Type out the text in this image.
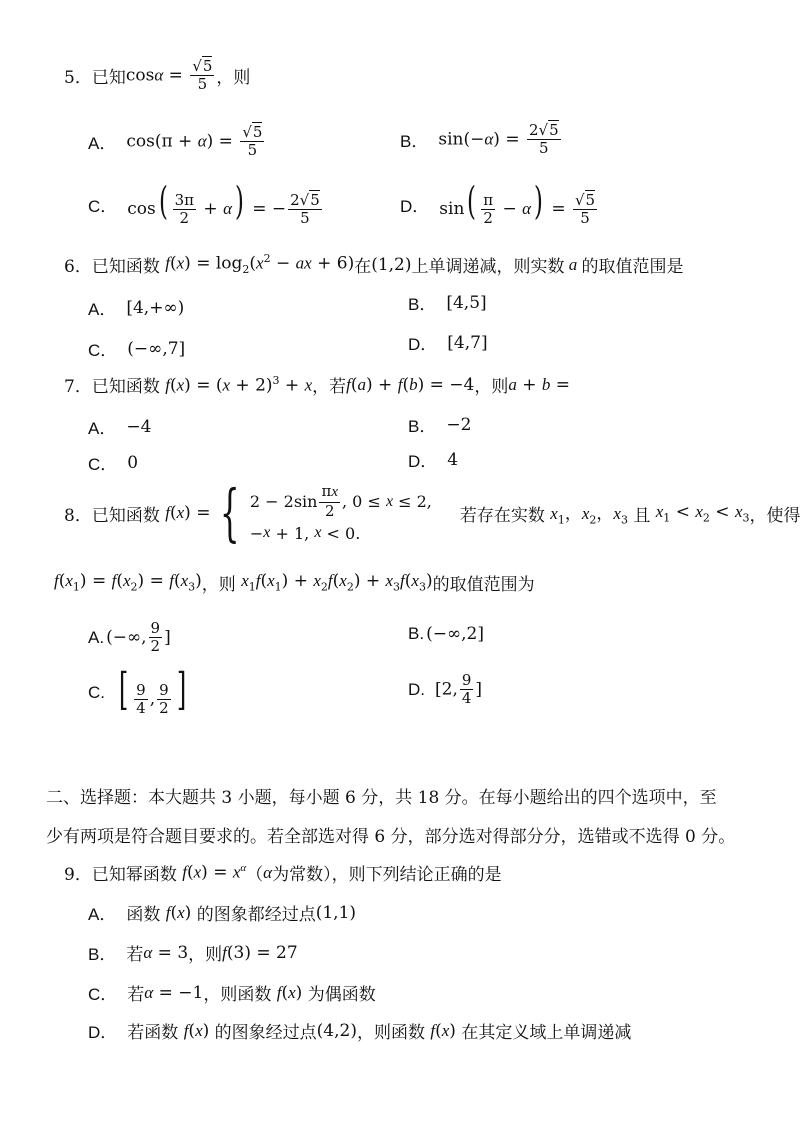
5． 已知 $\cos\alpha = \frac{√5}{5}$ ，则
A． $\cos(\pi + \alpha) = \frac{√5}{5}$	B． $\sin(-\alpha) = \frac{2√5}{5}$
C． $\cos( \frac{3\pi}{2} + \alpha)$ = − $\frac{2√5}{5}$	D． $\sin( \frac{\pi}{2} - \alpha) = \frac{√5}{5}$
6． 已知函数 $f(x) = \log_2(x^2$ − ax + 6) 在 (1,2) 上单调递减，则实数 a 的取值范围是
A． [4,+∞)	B． [4,5]
C． (−∞,7]	D． [4,7]
7． 已知函数 $f(x) = (x + 2)^3 + x$ ，若 f(a) + f(b) = −4 ，则 a + b =
A． −4	B． −2
C． 0	D． 4
8． 已知函数 f(x) = { $2 - 2\sin \frac{\pi x}{2}$ , 0 ≤ x ≤ 2,
− x + 1, x < 0.
若存在实数 $x_1$，$x_2$，$x_3$ 且 $x_1 < x_2 < x_3$ ，使得
$f(x_1) = f(x_2) = f(x_3)$ ，则 $x_1f(x_1) + x_2f(x_2) + x_3f(x_3)$ 的取值范围为
A. (−∞, $\frac{9}{2}$ ]	B. (−∞,2]
C. [ $\frac{9}{4}$ , $\frac{9}{2}$ ]	D. [2, $\frac{9}{4}$ ]
二、选择题：本大题共 3 小题，每小题 6 分，共 18 分。在每小题给出的四个选项中，至
少有两项是符合题目要求的。若全部选对得 6 分，部分选对得部分分，选错或不选得 0 分。
9． 已知幂函数 $f(x) = x^\alpha$ （ α 为常数），则下列结论正确的是
A． 函数 f(x) 的图象都经过点 (1,1)
B． 若 α = 3 ，则 f(3) = 27
C． 若 α = −1 ，则函数 f(x) 为偶函数
D． 若函数 f(x) 的图象经过点 (4,2) ，则函数 f(x) 在其定义域上单调递减
